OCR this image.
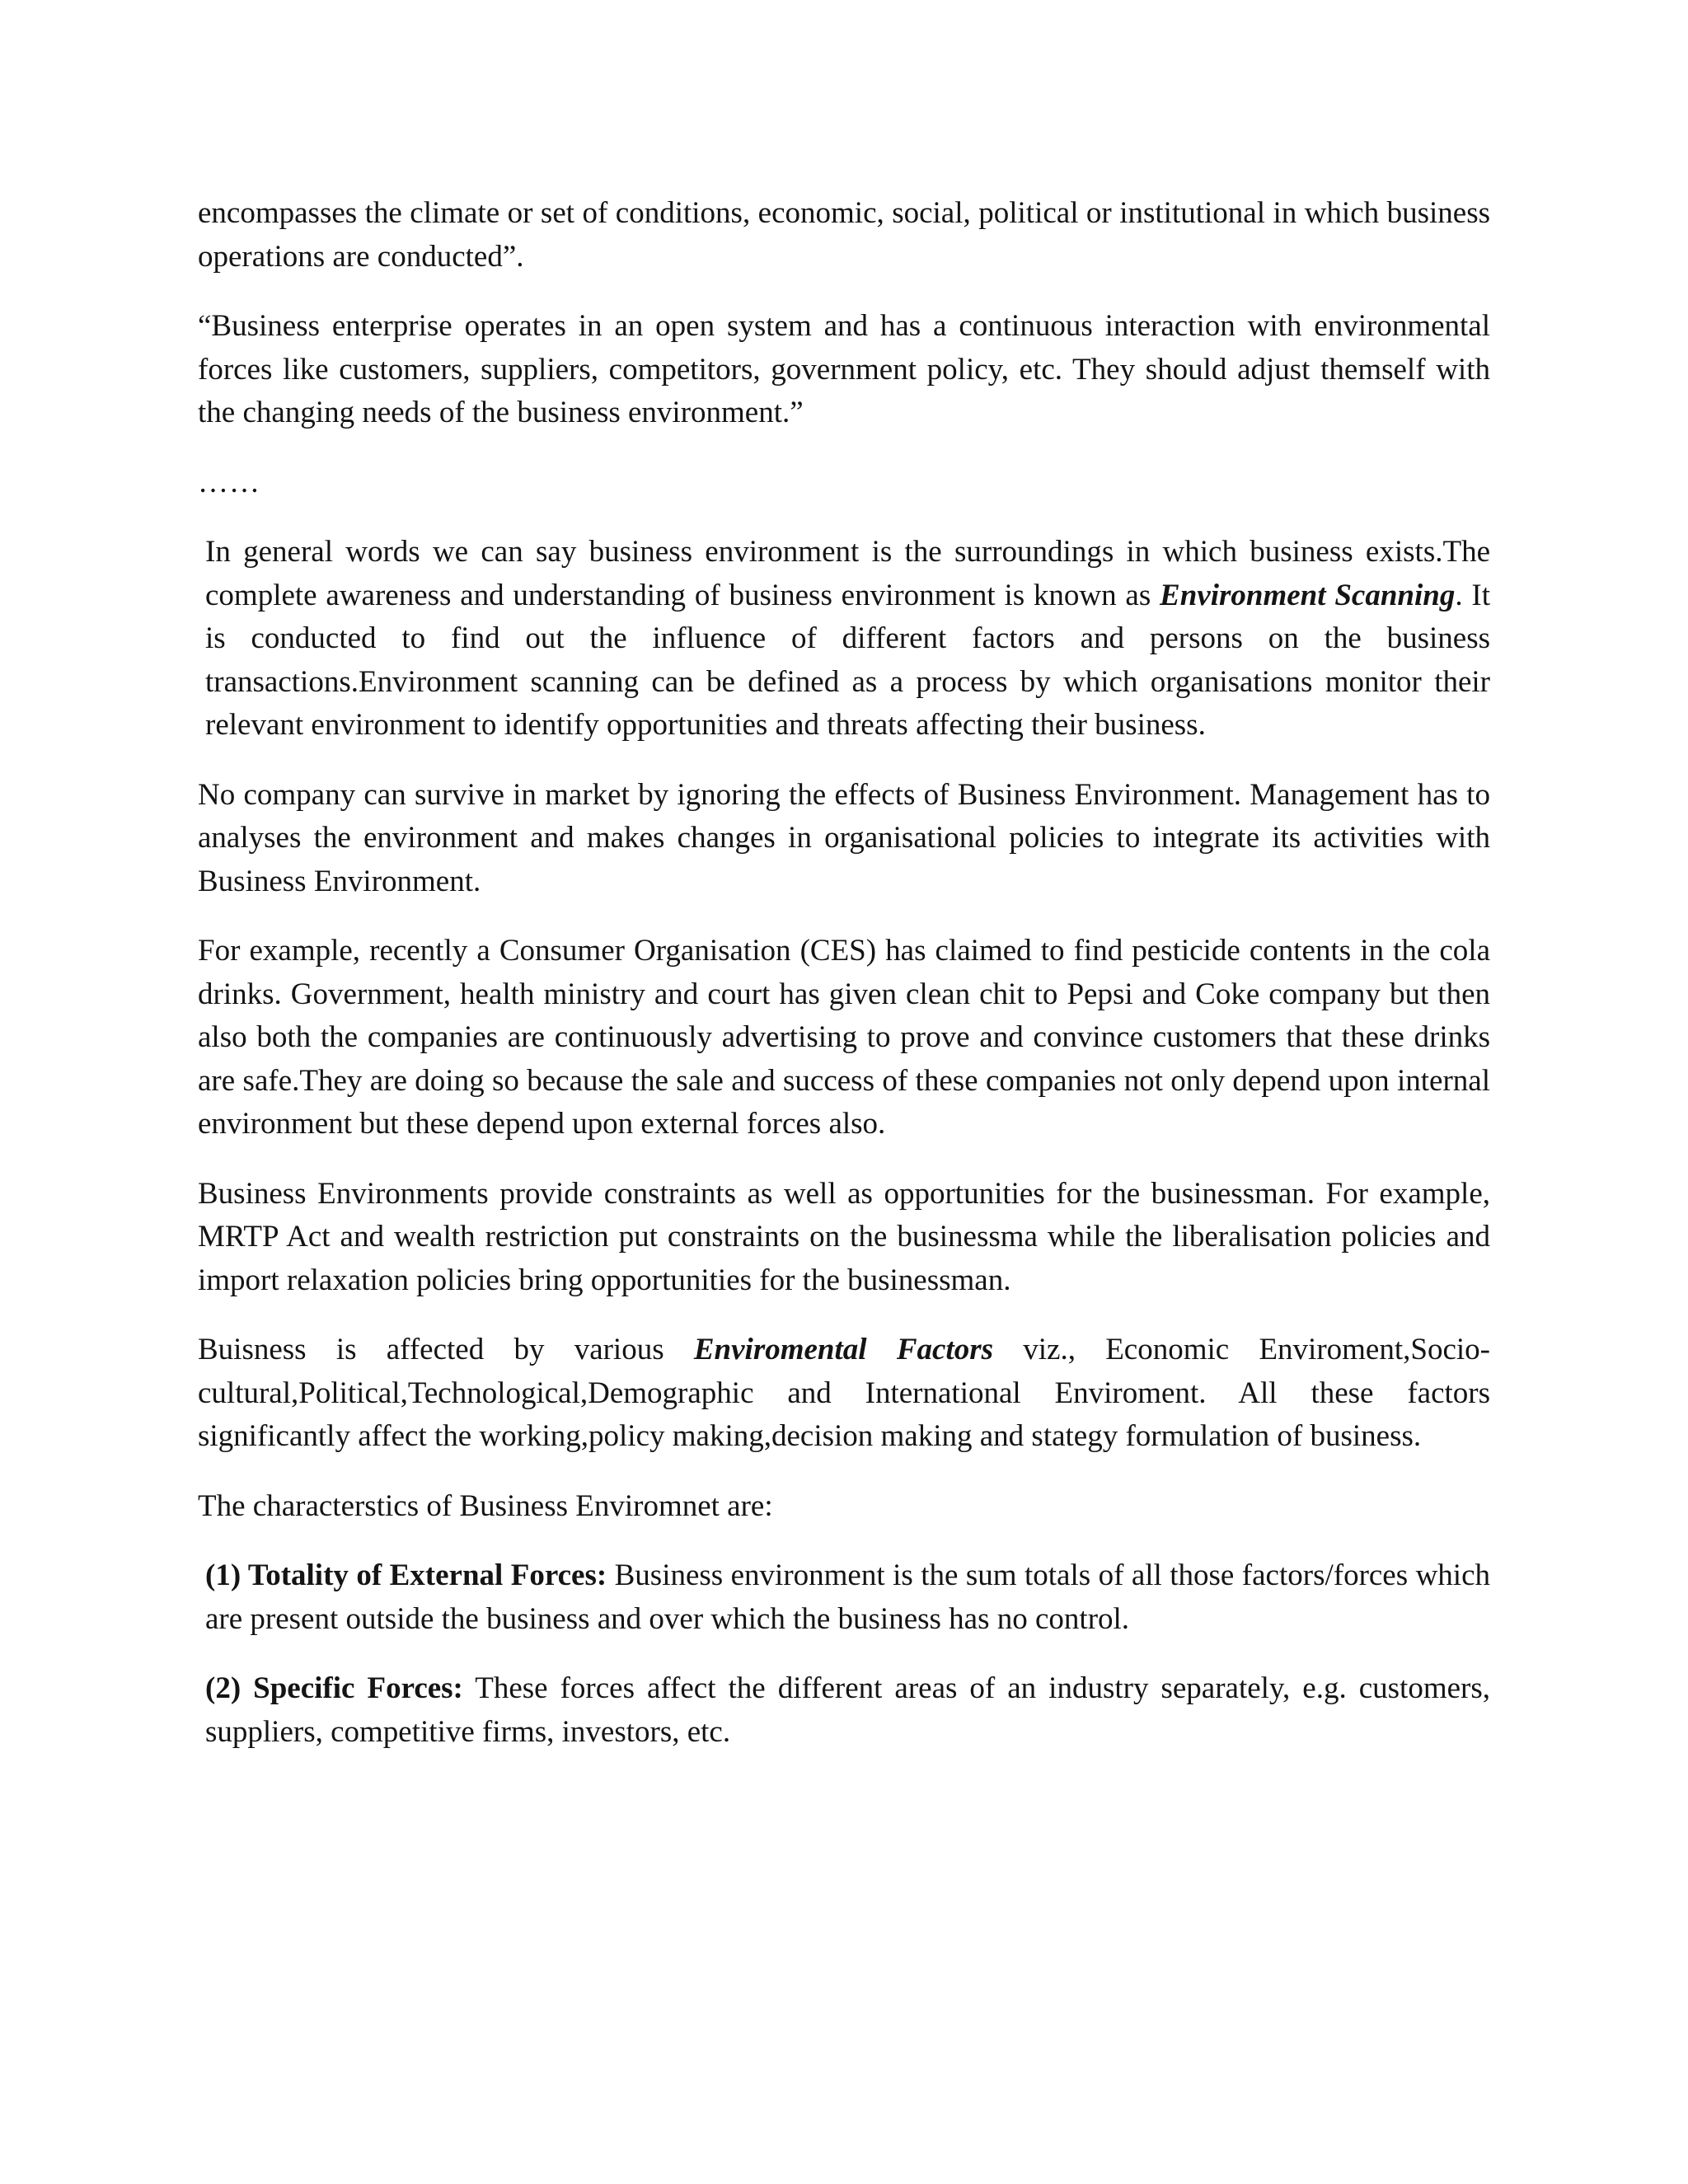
encompasses the climate or set of conditions, economic, social, political or institutional in which business operations are conducted”.

“Business enterprise operates in an open system and has a continuous interaction with environmental forces like customers, suppliers, competitors, government policy, etc. They should adjust themself with the changing needs of the business environment.”

……

In general words we can say business environment is the surroundings in which business exists.The complete awareness and understanding of business environment is known as Environment Scanning. It is conducted to find out the influence of different factors and persons on the business transactions.Environment scanning can be defined as a process by which organisations monitor their relevant environment to identify opportunities and threats affecting their business.

No company can survive in market by ignoring the effects of Business Environment. Management has to analyses the environment and makes changes in organisational policies to integrate its activities with Business Environment.

For example, recently a Consumer Organisation (CES) has claimed to find pesticide contents in the cola drinks. Government, health ministry and court has given clean chit to Pepsi and Coke company but then also both the companies are continuously advertising to prove and convince customers that these drinks are safe.They are doing so because the sale and success of these companies not only depend upon internal environment but these depend upon external forces also.

Business Environments provide constraints as well as opportunities for the businessman. For example, MRTP Act and wealth restriction put constraints on the businessma while the liberalisation policies and import relaxation policies bring opportunities for the businessman.

Buisness is affected by various Enviromental Factors viz., Economic Enviroment,Socio-cultural,Political,Technological,Demographic and International Enviroment. All these factors significantly affect the working,policy making,decision making and stategy formulation of business.

The characterstics of Business Enviromnet are:

(1) Totality of External Forces: Business environment is the sum totals of all those factors/forces which are present outside the business and over which the business has no control.

(2) Specific Forces: These forces affect the different areas of an industry separately, e.g. customers, suppliers, competitive firms, investors, etc.
